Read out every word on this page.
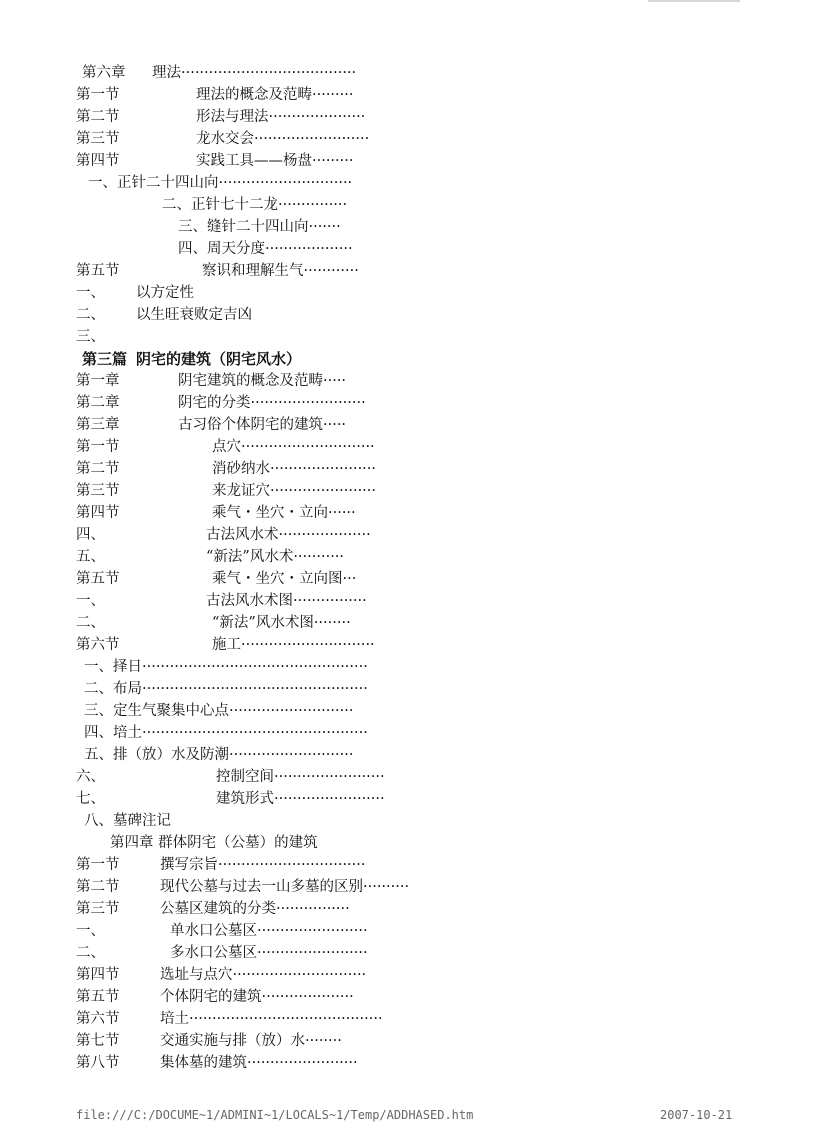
第六章 理法······································
第一节	理法的概念及范畴·········
第二节	形法与理法·····················
第三节	龙水交会·························
第四节	实践工具——杨盘·········
一、正针二十四山向·····························
二、正针七十二龙···············
三、缝针二十四山向·······
四、周天分度···················
第五节	察识和理解生气············
一、 以方定性
二、 以生旺衰败定吉凶
三、
第三篇 阴宅的建筑（阴宅风水）
第一章	阴宅建筑的概念及范畴·····
第二章	阴宅的分类·························
第三章	古习俗个体阴宅的建筑·····
第一节	点穴·····························
第二节	消砂纳水·······················
第三节	来龙证穴·······················
第四节	乘气・坐穴・立向······
四、	古法风水术····················
五、	“新法”风水术···········
第五节	乘气・坐穴・立向图···
一、	古法风水术图················
二、	“新法”风水术图········
第六节	施工·····························
一、择日·················································
二、布局·················································
三、定生气聚集中心点···························
四、培土·················································
五、排（放）水及防潮···························
六、	控制空间························
七、	建筑形式························
八、墓碑注记
第四章 群体阴宅（公墓）的建筑
第一节	撰写宗旨································
第二节	现代公墓与过去一山多墓的区别··········
第三节	公墓区建筑的分类················
一、	单水口公墓区························
二、	多水口公墓区························
第四节	选址与点穴·····························
第五节	个体阴宅的建筑····················
第六节	培土··········································
第七节	交通实施与排（放）水········
第八节	集体墓的建筑························
file:///C:/DOCUME~1/ADMINI~1/LOCALS~1/Temp/ADDHASED.htm	2007-10-21
